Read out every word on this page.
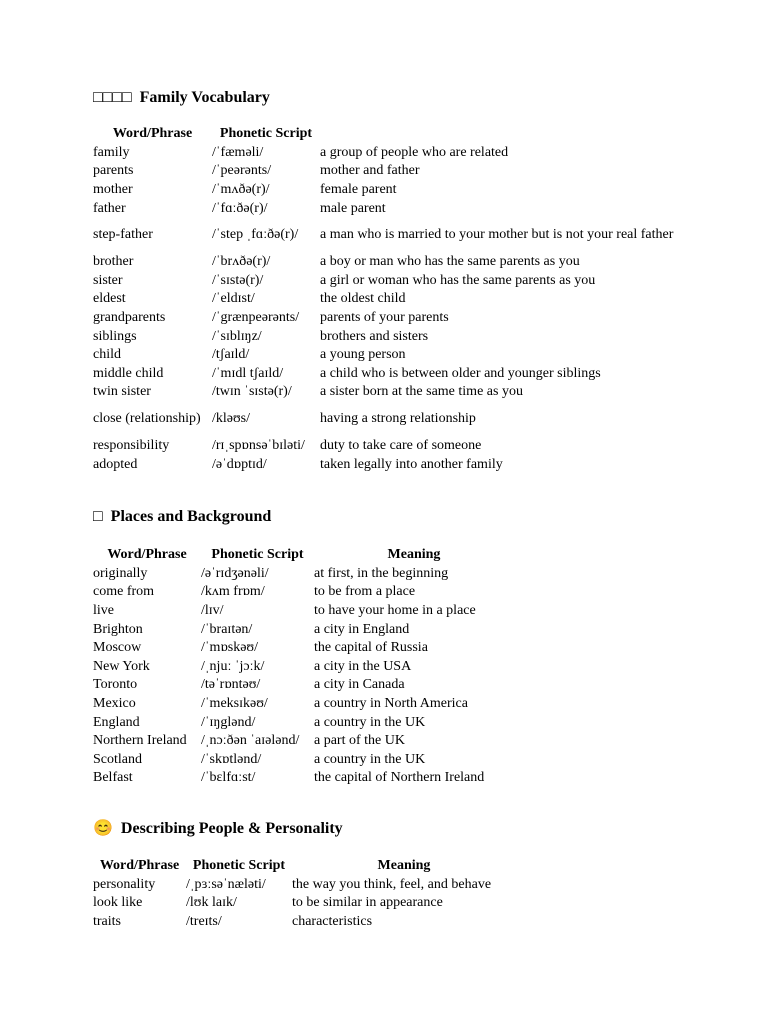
□□□□ Family Vocabulary
Word/Phrase	Phonetic Script	
family	/ˈfæməli/	a group of people who are related
parents	/ˈpeərənts/	mother and father
mother	/ˈmʌðə(r)/	female parent
father	/ˈfɑːðə(r)/	male parent
step-father	/ˈstep ˌfɑːðə(r)/	a man who is married to your mother but is not your real father
brother	/ˈbrʌðə(r)/	a boy or man who has the same parents as you
sister	/ˈsɪstə(r)/	a girl or woman who has the same parents as you
eldest	/ˈeldɪst/	the oldest child
grandparents	/ˈgrænpeərənts/	parents of your parents
siblings	/ˈsɪblɪŋz/	brothers and sisters
child	/tʃaɪld/	a young person
middle child	/ˈmɪdl tʃaɪld/	a child who is between older and younger siblings
twin sister	/twɪn ˈsɪstə(r)/	a sister born at the same time as you
close (relationship)	/kləʊs/	having a strong relationship
responsibility	/rɪˌspɒnsəˈbɪləti/	duty to take care of someone
adopted	/əˈdɒptɪd/	taken legally into another family
□ Places and Background
Word/Phrase	Phonetic Script	Meaning
originally	/əˈrɪdʒənəli/	at first, in the beginning
come from	/kʌm frɒm/	to be from a place
live	/lɪv/	to have your home in a place
Brighton	/ˈbraɪtən/	a city in England
Moscow	/ˈmɒskəʊ/	the capital of Russia
New York	/ˌnjuː ˈjɔːk/	a city in the USA
Toronto	/təˈrɒntəʊ/	a city in Canada
Mexico	/ˈmeksɪkəʊ/	a country in North America
England	/ˈɪŋglənd/	a country in the UK
Northern Ireland	/ˌnɔːðən ˈaɪələnd/	a part of the UK
Scotland	/ˈskɒtlənd/	a country in the UK
Belfast	/ˈbɛlfɑːst/	the capital of Northern Ireland
😊 Describing People & Personality
Word/Phrase	Phonetic Script	Meaning
personality	/ˌpɜːsəˈnæləti/	the way you think, feel, and behave
look like	/lʊk laɪk/	to be similar in appearance
traits	/treɪts/	characteristics
